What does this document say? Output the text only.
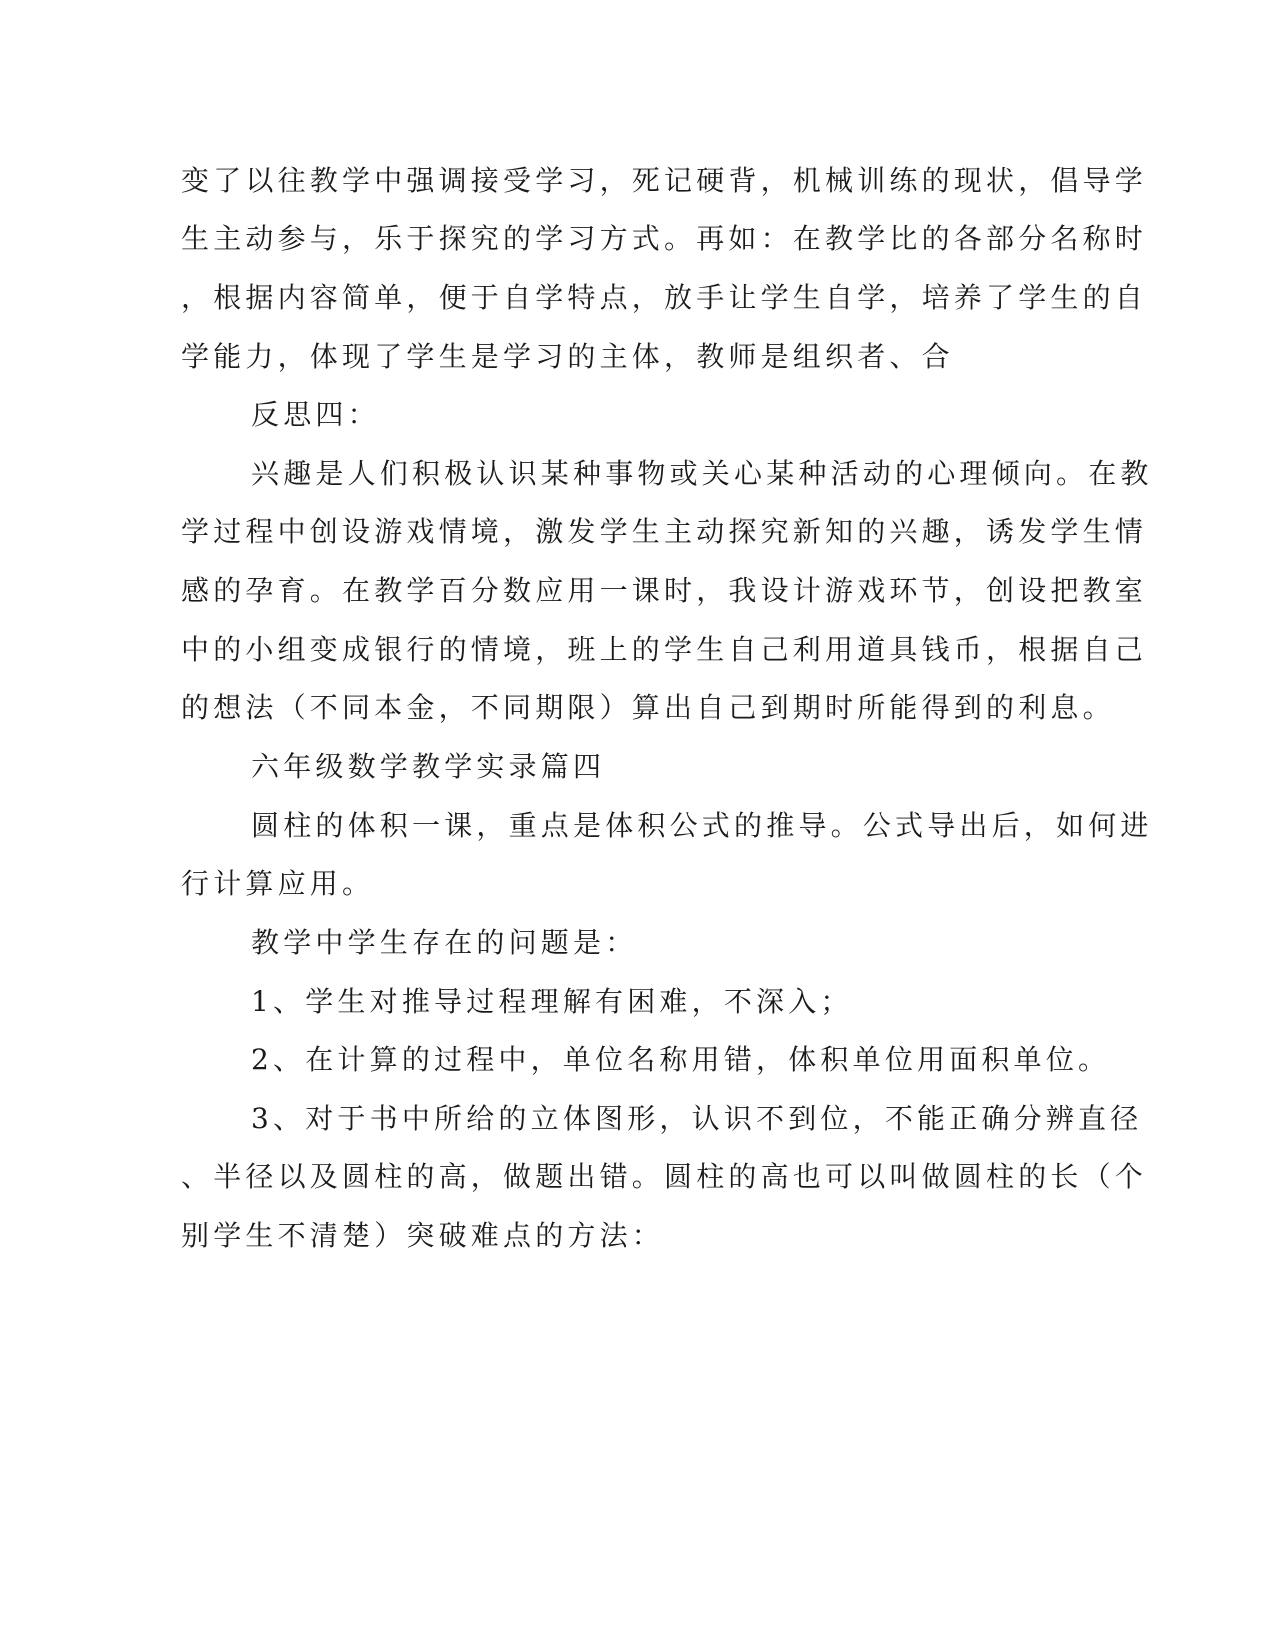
变了以往教学中强调接受学习，死记硬背，机械训练的现状，倡导学
生主动参与，乐于探究的学习方式。再如：在教学比的各部分名称时
，根据内容简单，便于自学特点，放手让学生自学，培养了学生的自
学能力，体现了学生是学习的主体，教师是组织者、合
反思四：
兴趣是人们积极认识某种事物或关心某种活动的心理倾向。在教
学过程中创设游戏情境，激发学生主动探究新知的兴趣，诱发学生情
感的孕育。在教学百分数应用一课时，我设计游戏环节，创设把教室
中的小组变成银行的情境，班上的学生自己利用道具钱币，根据自己
的想法（不同本金，不同期限）算出自己到期时所能得到的利息。
六年级数学教学实录篇四
圆柱的体积一课，重点是体积公式的推导。公式导出后，如何进
行计算应用。
教学中学生存在的问题是：
1、学生对推导过程理解有困难，不深入；
2、在计算的过程中，单位名称用错，体积单位用面积单位。
3、对于书中所给的立体图形，认识不到位，不能正确分辨直径
、半径以及圆柱的高，做题出错。圆柱的高也可以叫做圆柱的长（个
别学生不清楚）突破难点的方法：
